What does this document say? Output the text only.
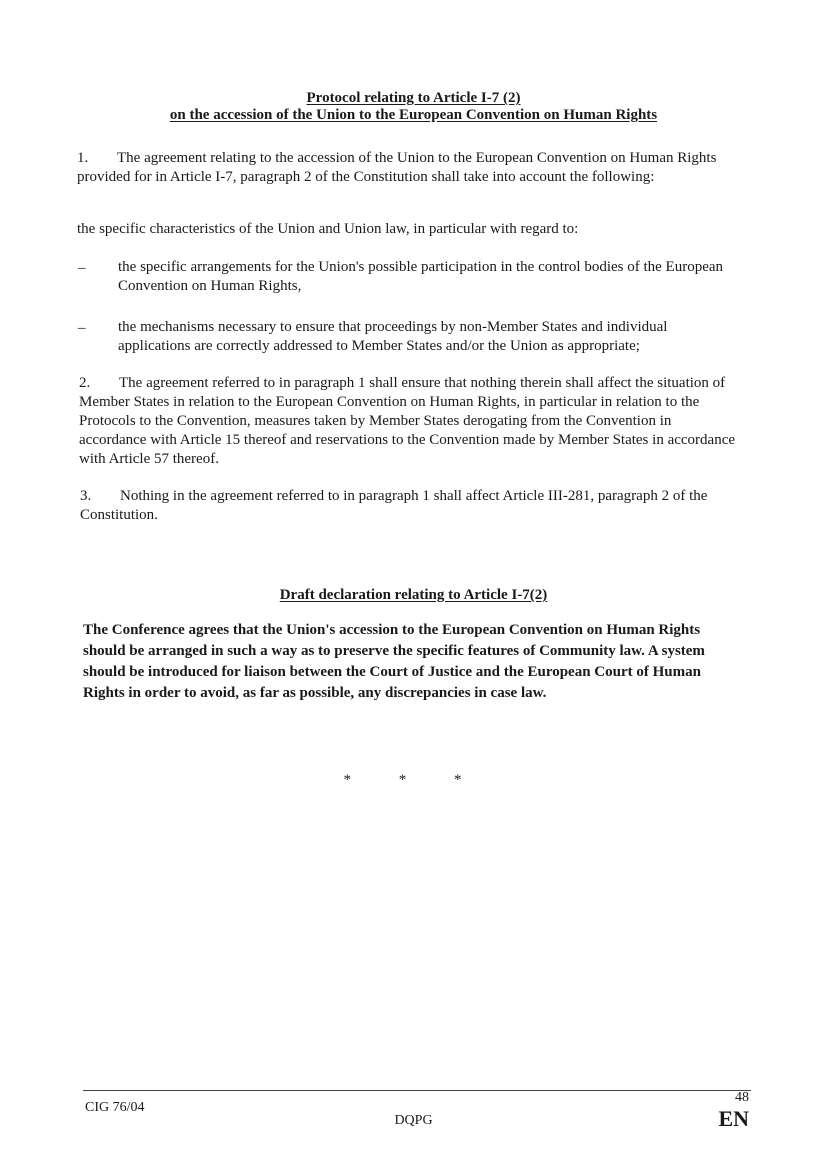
Protocol relating to Article I-7 (2)
on the accession of the Union to the European Convention on Human Rights
1. The agreement relating to the accession of the Union to the European Convention on Human Rights provided for in Article I-7, paragraph 2 of the Constitution shall take into account the following:
the specific characteristics of the Union and Union law, in particular with regard to:
– the specific arrangements for the Union's possible participation in the control bodies of the European Convention on Human Rights,
– the mechanisms necessary to ensure that proceedings by non-Member States and individual applications are correctly addressed to Member States and/or the Union as appropriate;
2. The agreement referred to in paragraph 1 shall ensure that nothing therein shall affect the situation of Member States in relation to the European Convention on Human Rights, in particular in relation to the Protocols to the Convention, measures taken by Member States derogating from the Convention in accordance with Article 15 thereof and reservations to the Convention made by Member States in accordance with Article 57 thereof.
3. Nothing in the agreement referred to in paragraph 1 shall affect Article III-281, paragraph 2 of the Constitution.
Draft declaration relating to Article I-7(2)
The Conference agrees that the Union's accession to the European Convention on Human Rights should be arranged in such a way as to preserve the specific features of Community law. A system should be introduced for liaison between the Court of Justice and the European Court of Human Rights in order to avoid, as far as possible, any discrepancies in case law.
* * *
CIG 76/04
DQPG
48
EN
